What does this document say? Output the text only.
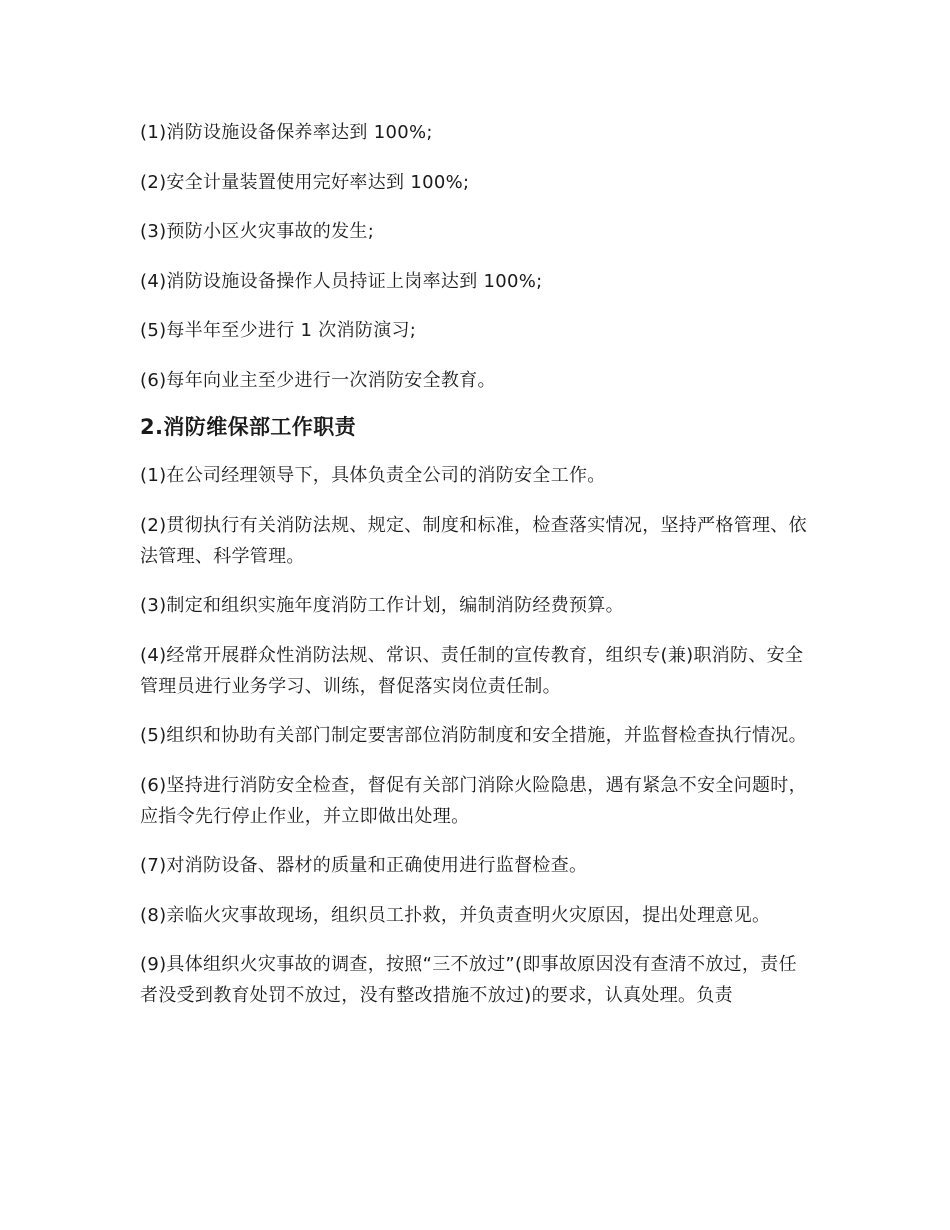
(1)消防设施设备保养率达到 100%;

(2)安全计量装置使用完好率达到 100%;

(3)预防小区火灾事故的发生;

(4)消防设施设备操作人员持证上岗率达到 100%;

(5)每半年至少进行 1 次消防演习;

(6)每年向业主至少进行一次消防安全教育。

2.消防维保部工作职责

(1)在公司经理领导下，具体负责全公司的消防安全工作。

(2)贯彻执行有关消防法规、规定、制度和标准，检查落实情况，坚持严格管理、依法管理、科学管理。

(3)制定和组织实施年度消防工作计划，编制消防经费预算。

(4)经常开展群众性消防法规、常识、责任制的宣传教育，组织专(兼)职消防、安全管理员进行业务学习、训练，督促落实岗位责任制。

(5)组织和协助有关部门制定要害部位消防制度和安全措施，并监督检查执行情况。

(6)坚持进行消防安全检查，督促有关部门消除火险隐患，遇有紧急不安全问题时，应指令先行停止作业，并立即做出处理。

(7)对消防设备、器材的质量和正确使用进行监督检查。

(8)亲临火灾事故现场，组织员工扑救，并负责查明火灾原因，提出处理意见。

(9)具体组织火灾事故的调查，按照“三不放过”(即事故原因没有查清不放过，责任者没受到教育处罚不放过，没有整改措施不放过)的要求，认真处理。负责
